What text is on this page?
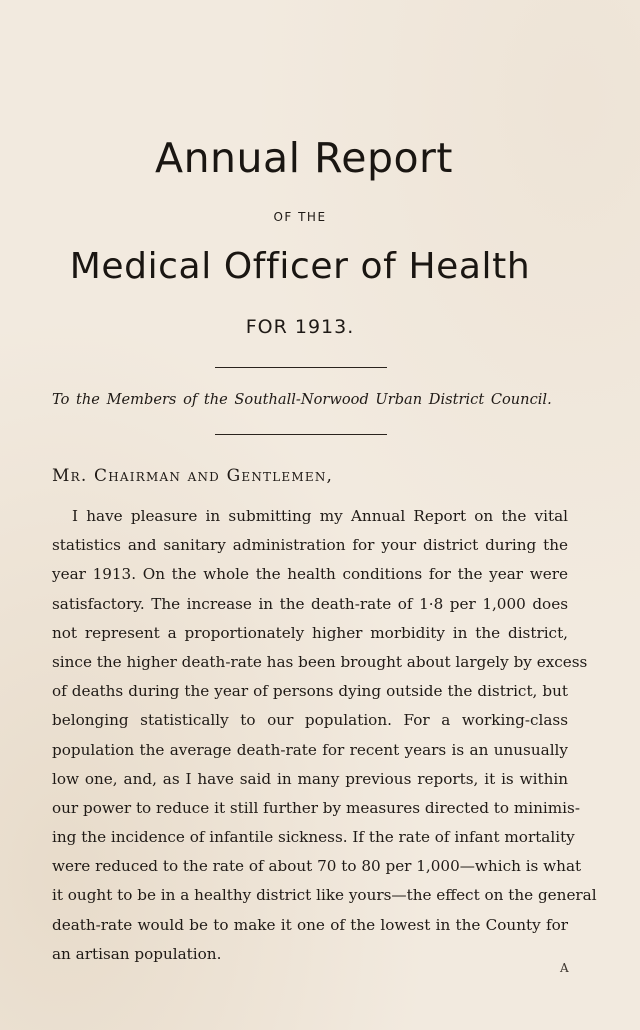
Annual Report
OF THE
Medical Officer of Health
FOR 1913.
To the Members of the Southall-Norwood Urban District Council.
Mr. Chairman and Gentlemen,
I have pleasure in submitting my Annual Report on the vital
statistics and sanitary administration for your district during the
year 1913. On the whole the health conditions for the year were
satisfactory. The increase in the death-rate of 1·8 per 1,000 does
not represent a proportionately higher morbidity in the district,
since the higher death-rate has been brought about largely by excess
of deaths during the year of persons dying outside the district, but
belonging statistically to our population. For a working-class
population the average death-rate for recent years is an unusually
low one, and, as I have said in many previous reports, it is within
our power to reduce it still further by measures directed to minimis-
ing the incidence of infantile sickness. If the rate of infant mortality
were reduced to the rate of about 70 to 80 per 1,000—which is what
it ought to be in a healthy district like yours—the effect on the general
death-rate would be to make it one of the lowest in the County for
an artisan population.
A
